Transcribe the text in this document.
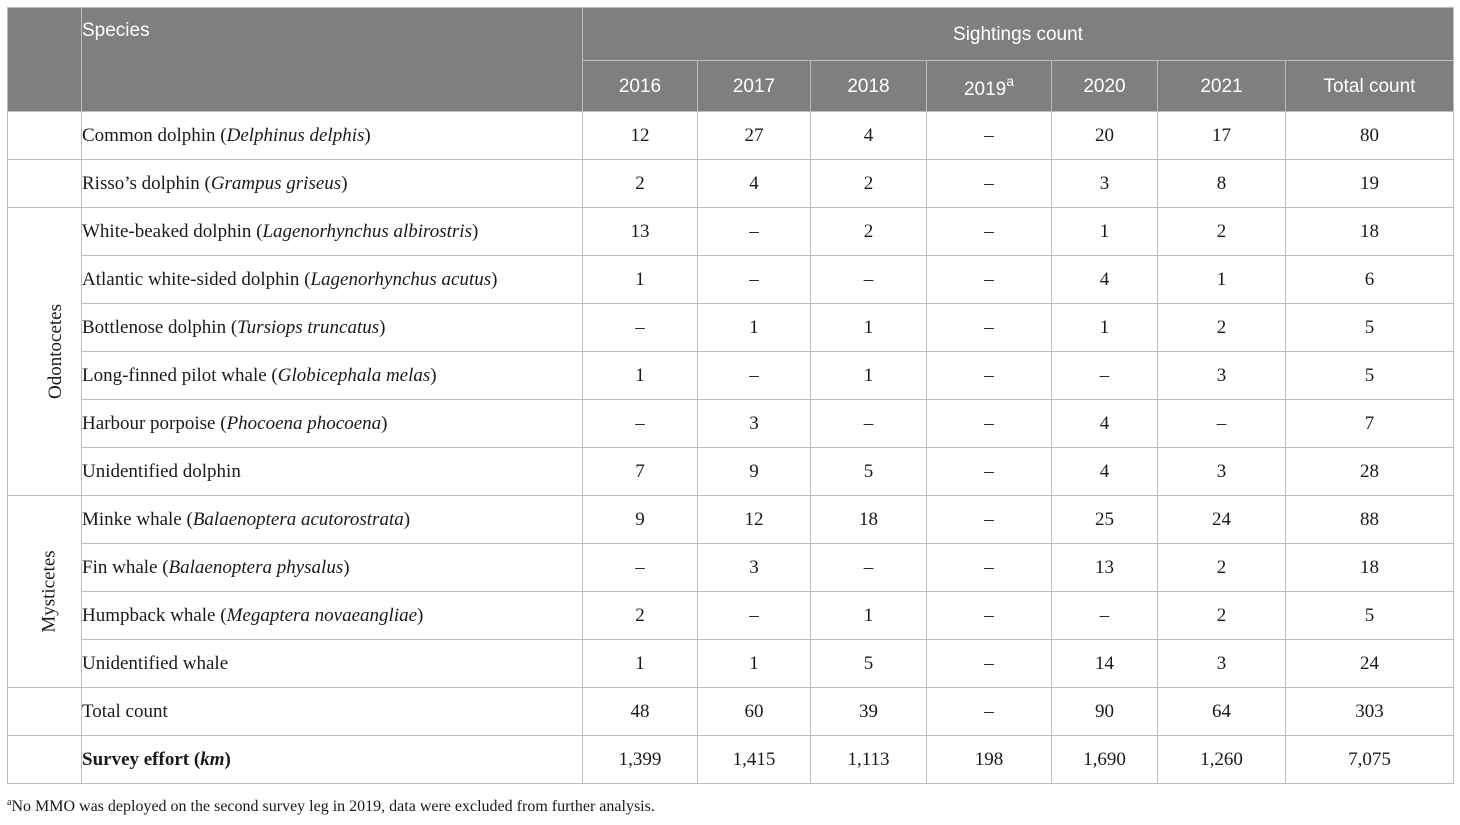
	Species	Sightings count						
		2016	2017	2018	2019$^a$	2020	2021	Total count
	Common dolphin (Delphinus delphis)	12	27	4	–	20	17	80
	Risso’s dolphin (Grampus griseus)	2	4	2	–	3	8	19
Odontocetes	White-beaked dolphin (Lagenorhynchus albirostris)	13	–	2	–	1	2	18
	Atlantic white-sided dolphin (Lagenorhynchus acutus)	1	–	–	–	4	1	6
	Bottlenose dolphin (Tursiops truncatus)	–	1	1	–	1	2	5
	Long-finned pilot whale (Globicephala melas)	1	–	1	–	–	3	5
	Harbour porpoise (Phocoena phocoena)	–	3	–	–	4	–	7
	Unidentified dolphin	7	9	5	–	4	3	28
Mysticetes	Minke whale (Balaenoptera acutorostrata)	9	12	18	–	25	24	88
	Fin whale (Balaenoptera physalus)	–	3	–	–	13	2	18
	Humpback whale (Megaptera novaeangliae)	2	–	1	–	–	2	5
	Unidentified whale	1	1	5	–	14	3	24
	Total count	48	60	39	–	90	64	303
	Survey effort (km)	1,399	1,415	1,113	198	1,690	1,260	7,075
$^a$No MMO was deployed on the second survey leg in 2019, data were excluded from further analysis.
